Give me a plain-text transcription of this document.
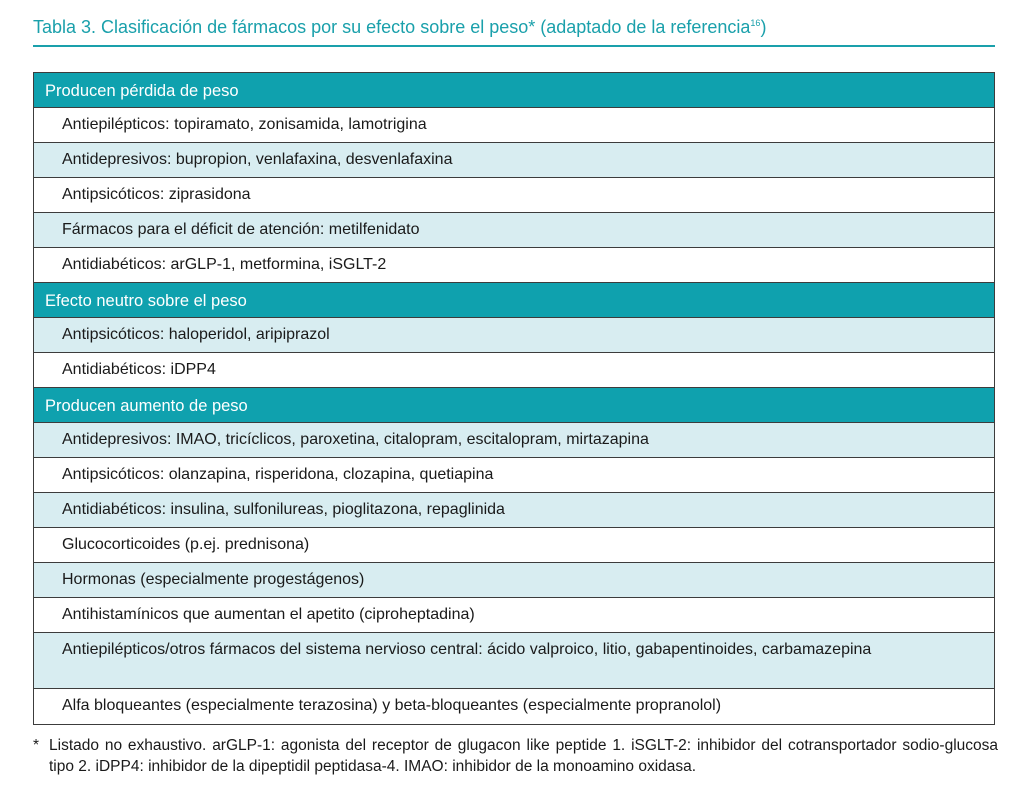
Tabla 3. Clasificación de fármacos por su efecto sobre el peso* (adaptado de la referencia$^{16}$)
Producen pérdida de peso
Antiepilépticos: topiramato, zonisamida, lamotrigina
Antidepresivos: bupropion, venlafaxina, desvenlafaxina
Antipsicóticos: ziprasidona
Fármacos para el déficit de atención: metilfenidato
Antidiabéticos: arGLP-1, metformina, iSGLT-2
Efecto neutro sobre el peso
Antipsicóticos: haloperidol, aripiprazol
Antidiabéticos: iDPP4
Producen aumento de peso
Antidepresivos: IMAO, tricíclicos, paroxetina, citalopram, escitalopram, mirtazapina
Antipsicóticos: olanzapina, risperidona, clozapina, quetiapina
Antidiabéticos: insulina, sulfonilureas, pioglitazona, repaglinida
Glucocorticoides (p.ej. prednisona)
Hormonas (especialmente progestágenos)
Antihistamínicos que aumentan el apetito (ciproheptadina)
Antiepilépticos/otros fármacos del sistema nervioso central: ácido valproico, litio, gabapentinoides, carbamazepina
Alfa bloqueantes (especialmente terazosina) y beta-bloqueantes (especialmente propranolol)
* Listado no exhaustivo. arGLP-1: agonista del receptor de glugacon like peptide 1. iSGLT-2: inhibidor del cotransportador sodio-glucosa tipo 2. iDPP4: inhibidor de la dipeptidil peptidasa-4. IMAO: inhibidor de la monoamino oxidasa.
